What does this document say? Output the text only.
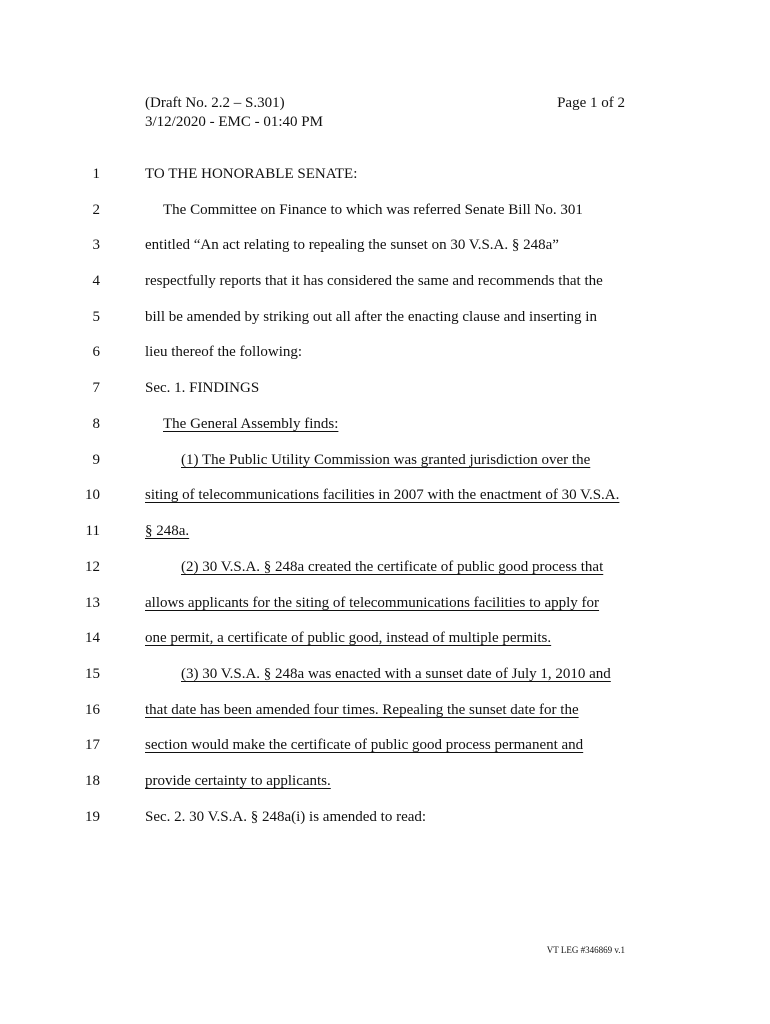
(Draft No. 2.2 – S.301)
3/12/2020 - EMC - 01:40 PM
Page 1 of 2
1	TO THE HONORABLE SENATE:
2	The Committee on Finance to which was referred Senate Bill No. 301
3	entitled “An act relating to repealing the sunset on 30 V.S.A. § 248a”
4	respectfully reports that it has considered the same and recommends that the
5	bill be amended by striking out all after the enacting clause and inserting in
6	lieu thereof the following:
7	Sec. 1. FINDINGS
8	The General Assembly finds:
9	(1) The Public Utility Commission was granted jurisdiction over the
10	siting of telecommunications facilities in 2007 with the enactment of 30 V.S.A.
11	§ 248a.
12	(2) 30 V.S.A. § 248a created the certificate of public good process that
13	allows applicants for the siting of telecommunications facilities to apply for
14	one permit, a certificate of public good, instead of multiple permits.
15	(3) 30 V.S.A. § 248a was enacted with a sunset date of July 1, 2010 and
16	that date has been amended four times. Repealing the sunset date for the
17	section would make the certificate of public good process permanent and
18	provide certainty to applicants.
19	Sec. 2. 30 V.S.A. § 248a(i) is amended to read:
VT LEG #346869 v.1
